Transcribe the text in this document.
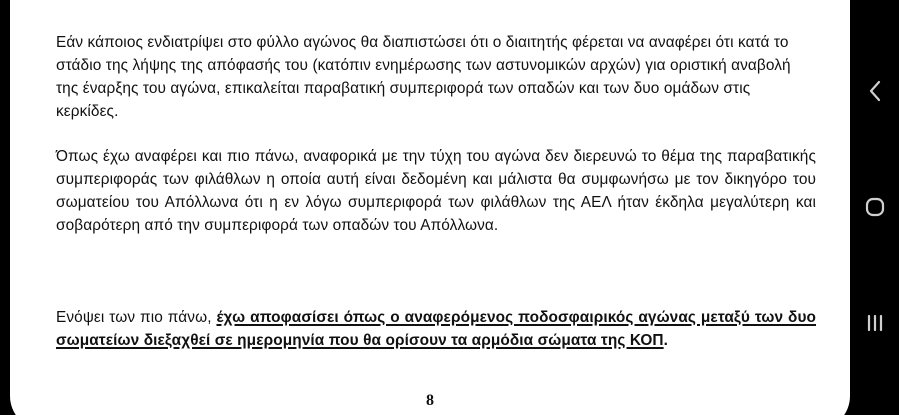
Εάν κάποιος ενδιατρίψει στο φύλλο αγώνος θα διαπιστώσει ότι ο διαιτητής φέρεται να αναφέρει ότι κατά το στάδιο της λήψης της απόφασής του (κατόπιν ενημέρωσης των αστυνομικών αρχών) για οριστική αναβολή της έναρξης του αγώνα, επικαλείται παραβατική συμπεριφορά των οπαδών και των δυο ομάδων στις κερκίδες.

Όπως έχω αναφέρει και πιο πάνω, αναφορικά με την τύχη του αγώνα δεν διερευνώ το θέμα της παραβατικής συμπεριφοράς των φιλάθλων η οποία αυτή είναι δεδομένη και μάλιστα θα συμφωνήσω με τον δικηγόρο του σωματείου του Απόλλωνα ότι η εν λόγω συμπεριφορά των φιλάθλων της ΑΕΛ ήταν έκδηλα μεγαλύτερη και σοβαρότερη από την συμπεριφορά των οπαδών του Απόλλωνα.

Ενόψει των πιο πάνω, έχω αποφασίσει όπως ο αναφερόμενος ποδοσφαιρικός αγώνας μεταξύ των δυο σωματείων διεξαχθεί σε ημερομηνία που θα ορίσουν τα αρμόδια σώματα της ΚΟΠ.

8
